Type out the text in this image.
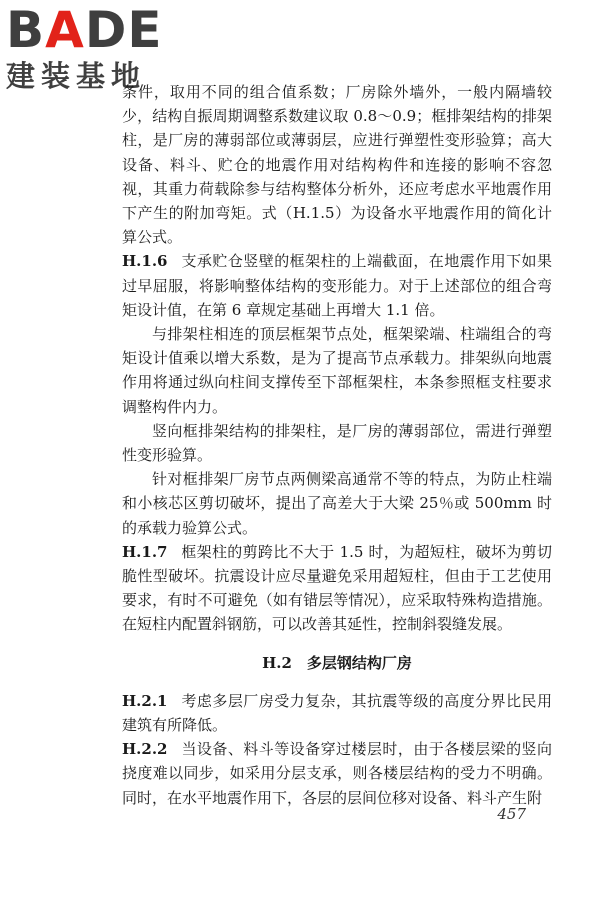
BADE
建装基地

条件，取用不同的组合值系数；厂房除外墙外，一般内隔墙较少，结构自振周期调整系数建议取 0.8～0.9；框排架结构的排架柱，是厂房的薄弱部位或薄弱层，应进行弹塑性变形验算；高大设备、料斗、贮仓的地震作用对结构构件和连接的影响不容忽视，其重力荷载除参与结构整体分析外，还应考虑水平地震作用下产生的附加弯矩。式（H.1.5）为设备水平地震作用的简化计算公式。

H.1.6 支承贮仓竖壁的框架柱的上端截面，在地震作用下如果过早屈服，将影响整体结构的变形能力。对于上述部位的组合弯矩设计值，在第 6 章规定基础上再增大 1.1 倍。

与排架柱相连的顶层框架节点处，框架梁端、柱端组合的弯矩设计值乘以增大系数，是为了提高节点承载力。排架纵向地震作用将通过纵向柱间支撑传至下部框架柱，本条参照框支柱要求调整构件内力。

竖向框排架结构的排架柱，是厂房的薄弱部位，需进行弹塑性变形验算。

针对框排架厂房节点两侧梁高通常不等的特点，为防止柱端和小核芯区剪切破坏，提出了高差大于大梁 25％或 500mm 时的承载力验算公式。

H.1.7 框架柱的剪跨比不大于 1.5 时，为超短柱，破坏为剪切脆性型破坏。抗震设计应尽量避免采用超短柱，但由于工艺使用要求，有时不可避免（如有错层等情况），应采取特殊构造措施。在短柱内配置斜钢筋，可以改善其延性，控制斜裂缝发展。

H.2 多层钢结构厂房

H.2.1 考虑多层厂房受力复杂，其抗震等级的高度分界比民用建筑有所降低。

H.2.2 当设备、料斗等设备穿过楼层时，由于各楼层梁的竖向挠度难以同步，如采用分层支承，则各楼层结构的受力不明确。同时，在水平地震作用下，各层的层间位移对设备、料斗产生附

457
